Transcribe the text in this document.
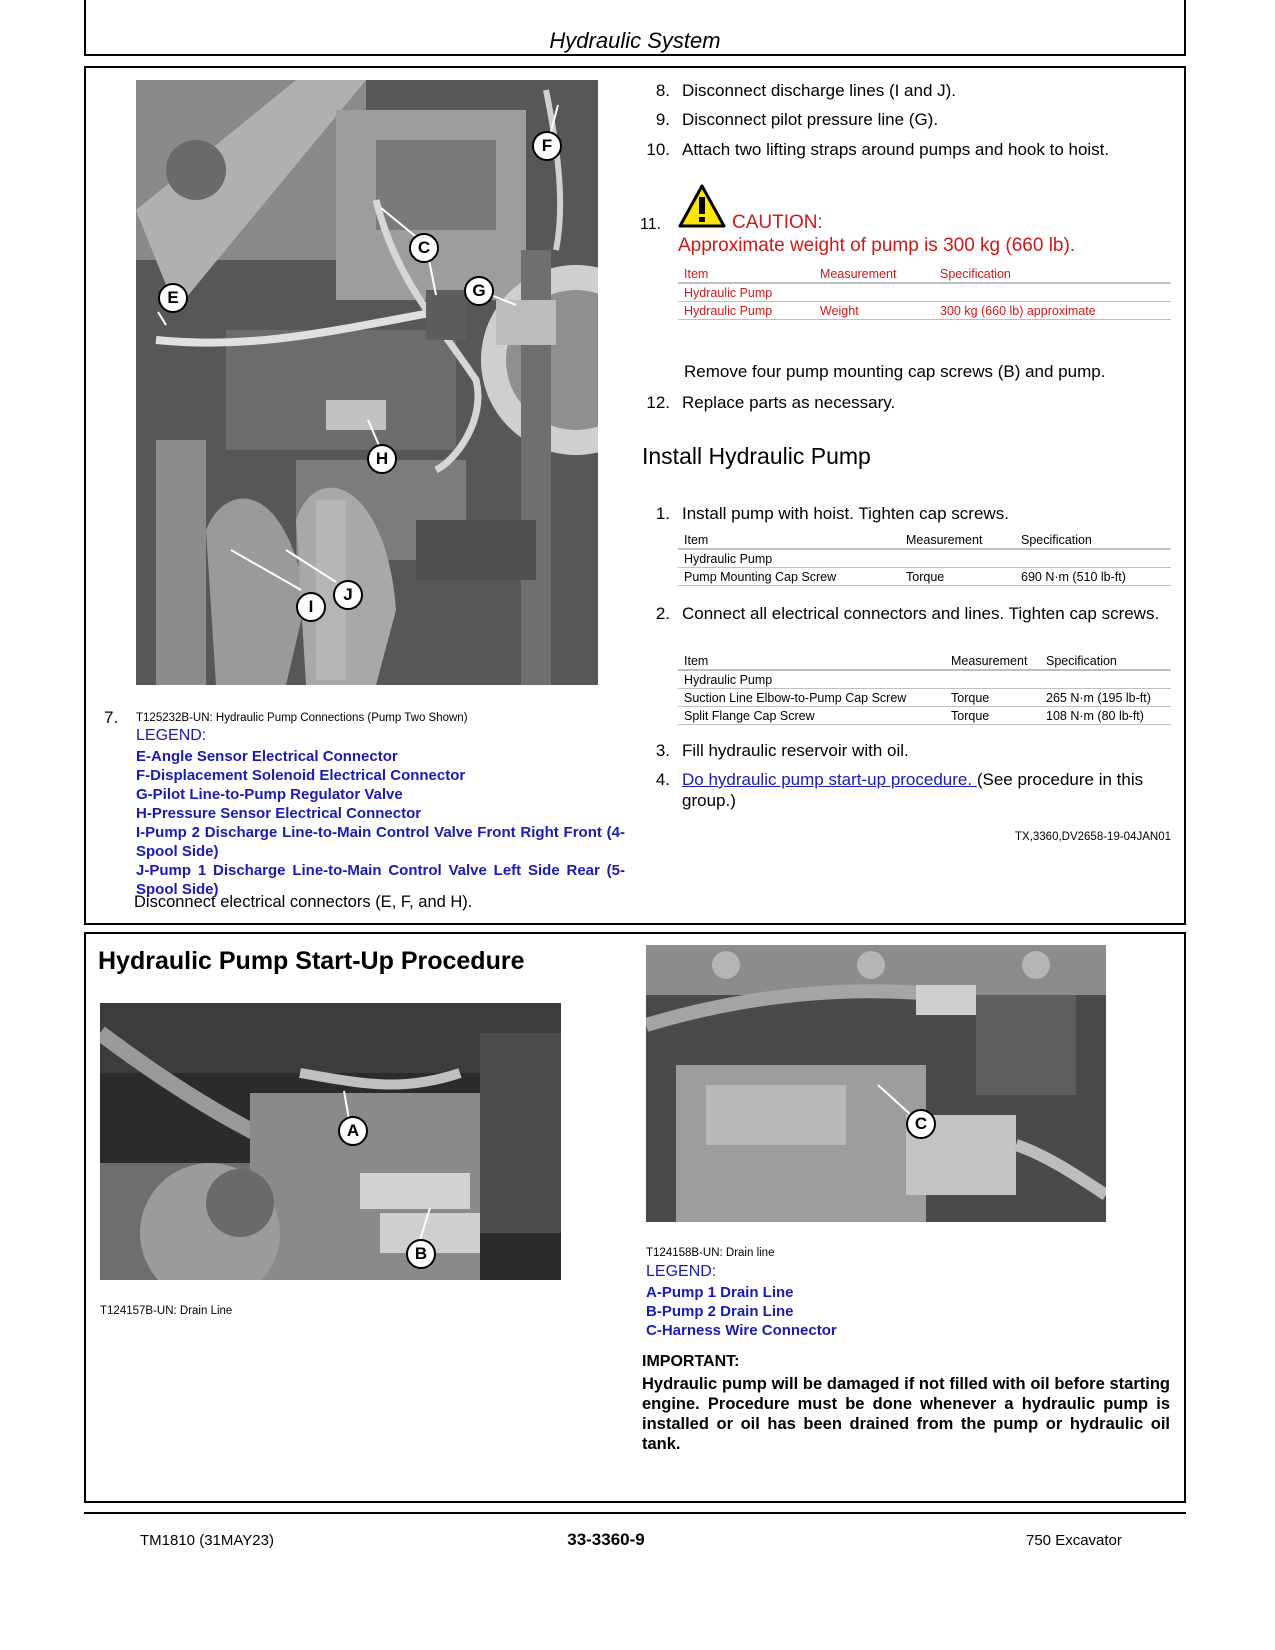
Hydraulic System
E
F
C
G
H
I
J
7. T125232B-UN: Hydraulic Pump Connections (Pump Two Shown)
LEGEND:
E-Angle Sensor Electrical Connector
F-Displacement Solenoid Electrical Connector
G-Pilot Line-to-Pump Regulator Valve
H-Pressure Sensor Electrical Connector
I-Pump 2 Discharge Line-to-Main Control Valve Front Right Front (4-Spool Side)
J-Pump 1 Discharge Line-to-Main Control Valve Left Side Rear (5-Spool Side)
Disconnect electrical connectors (E, F, and H).
8. Disconnect discharge lines (I and J).
9. Disconnect pilot pressure line (G).
10. Attach two lifting straps around pumps and hook to hoist.
11.	CAUTION:
Approximate weight of pump is 300 kg (660 lb).
Item	Measurement	Specification
Hydraulic Pump		
Hydraulic Pump	Weight	300 kg (660 lb) approximate
Remove four pump mounting cap screws (B) and pump.
12. Replace parts as necessary.
Install Hydraulic Pump
1. Install pump with hoist. Tighten cap screws.
Item	Measurement	Specification
Hydraulic Pump		
Pump Mounting Cap Screw	Torque	690 N·m (510 lb-ft)
2. Connect all electrical connectors and lines. Tighten cap screws.
Item	Measurement	Specification
Hydraulic Pump		
Suction Line Elbow-to-Pump Cap Screw	Torque	265 N·m (195 lb-ft)
Split Flange Cap Screw	Torque	108 N·m (80 lb-ft)
3. Fill hydraulic reservoir with oil.
4. Do hydraulic pump start-up procedure. (See procedure in this group.)
TX,3360,DV2658-19-04JAN01
Hydraulic Pump Start-Up Procedure
A
B
T124157B-UN: Drain Line
C
T124158B-UN: Drain line
LEGEND:
A-Pump 1 Drain Line
B-Pump 2 Drain Line
C-Harness Wire Connector
IMPORTANT:
Hydraulic pump will be damaged if not filled with oil before starting engine. Procedure must be done whenever a hydraulic pump is installed or oil has been drained from the pump or hydraulic oil tank.
TM1810 (31MAY23)	33-3360-9	750 Excavator
